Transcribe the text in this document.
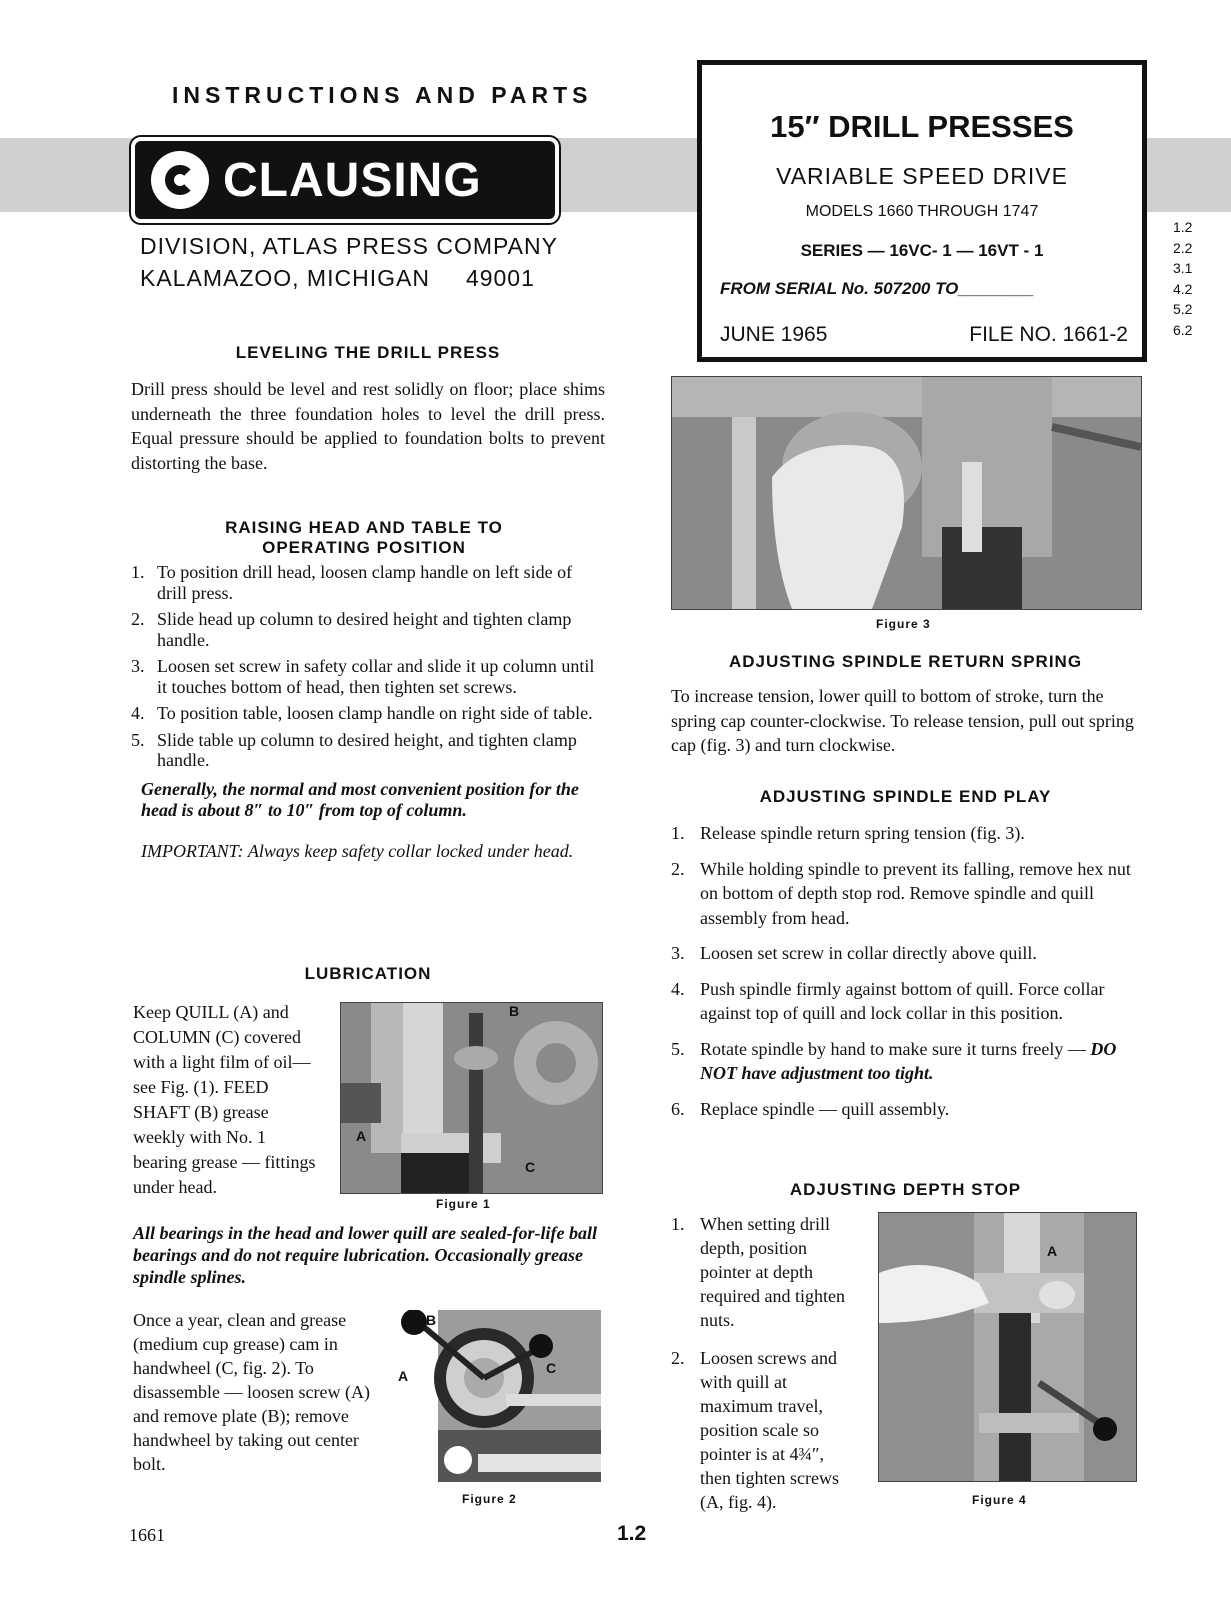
INSTRUCTIONS AND PARTS
CLAUSING
DIVISION, ATLAS PRESS COMPANY
KALAMAZOO, MICHIGAN 49001
15″ DRILL PRESSES
VARIABLE SPEED DRIVE
MODELS 1660 THROUGH 1747
SERIES — 16VC- 1 — 16VT - 1
FROM SERIAL No. 507200 TO________
JUNE 1965	FILE NO. 1661-2
1.2
2.2
3.1
4.2
5.2
6.2
LEVELING THE DRILL PRESS

Drill press should be level and rest solidly on floor; place shims underneath the three foundation holes to level the drill press. Equal pressure should be applied to foundation bolts to prevent distorting the base.

RAISING HEAD AND TABLE TO
OPERATING POSITION
1. To position drill head, loosen clamp handle on left side of drill press.
2. Slide head up column to desired height and tighten clamp handle.
3. Loosen set screw in safety collar and slide it up column until it touches bottom of head, then tighten set screws.
4. To position table, loosen clamp handle on right side of table.
5. Slide table up column to desired height, and tighten clamp handle.

Generally, the normal and most convenient position for the head is about 8″ to 10″ from top of column.

IMPORTANT: Always keep safety collar locked under head.

LUBRICATION

Keep QUILL (A) and COLUMN (C) covered with a light film of oil— see Fig. (1). FEED SHAFT (B) grease weekly with No. 1 bearing grease — fittings under head.

B
A
C
Figure 1

All bearings in the head and lower quill are sealed-for-life ball bearings and do not require lubrication. Occasionally grease spindle splines.

Once a year, clean and grease (medium cup grease) cam in handwheel (C, fig. 2). To disassemble — loosen screw (A) and remove plate (B); remove handwheel by taking out center bolt.

B
A	C
Figure 2
Figure 3
ADJUSTING SPINDLE RETURN SPRING

To increase tension, lower quill to bottom of stroke, turn the spring cap counter-clockwise. To release tension, pull out spring cap (fig. 3) and turn clockwise.

ADJUSTING SPINDLE END PLAY
1. Release spindle return spring tension (fig. 3).
2. While holding spindle to prevent its falling, remove hex nut on bottom of depth stop rod. Remove spindle and quill assembly from head.
3. Loosen set screw in collar directly above quill.
4. Push spindle firmly against bottom of quill. Force collar against top of quill and lock collar in this position.
5. Rotate spindle by hand to make sure it turns freely — DO NOT have adjustment too tight.
6. Replace spindle — quill assembly.
ADJUSTING DEPTH STOP
1. When setting drill depth, position pointer at depth required and tighten nuts.
2. Loosen screws and with quill at maximum travel, position scale so pointer is at 4¾″, then tighten screws (A, fig. 4).
A
Figure 4
1661	1.2
